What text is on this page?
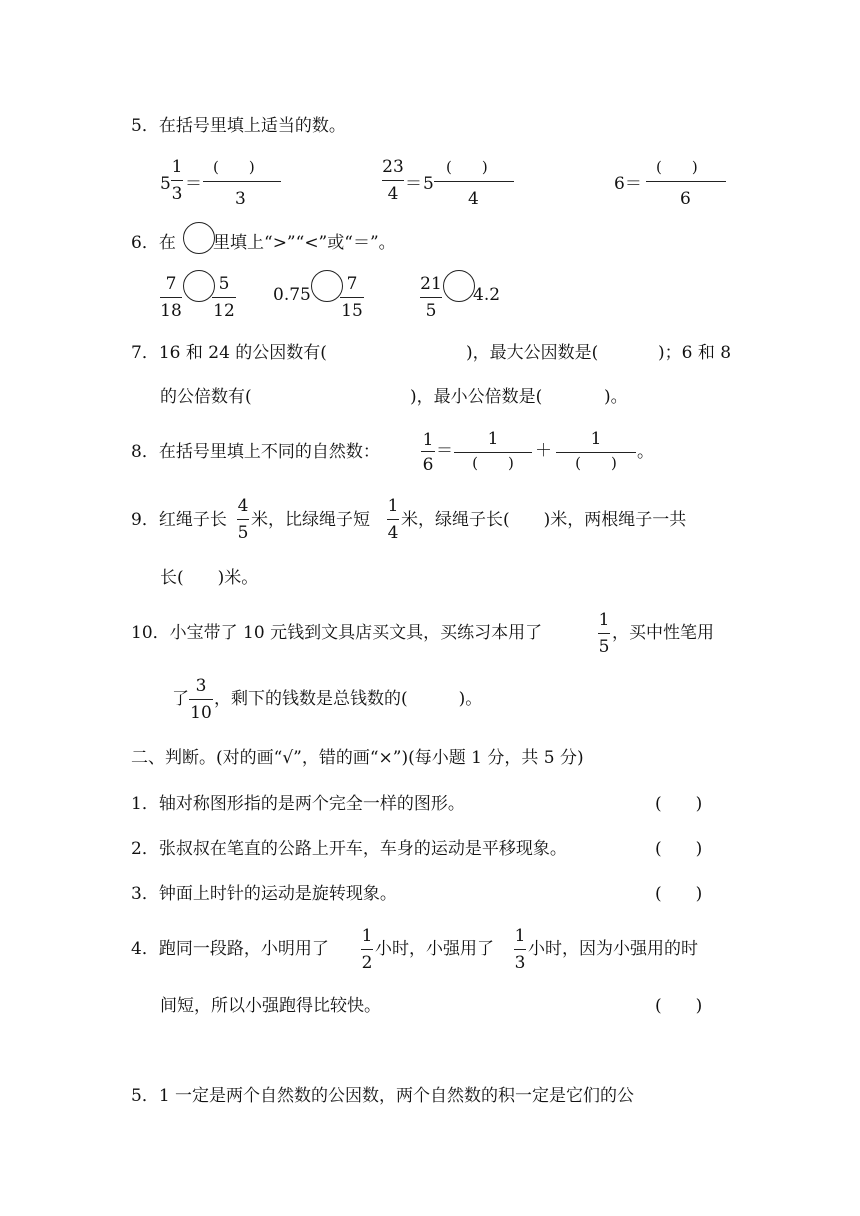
5．在括号里填上适当的数。
5
1
3 ＝
(　　)
3
23
4 ＝ 5
(　　)
4
6＝
(　　)
6
6．在 里填上“>”“<”或“＝”。
7
18
5
12
0.75
7
15
21
5
4.2
7．16 和 24 的公因数有(	)，最大公因数是(	)；6 和 8
的公倍数有(	)，最小公倍数是(	)。
8．在括号里填上不同的自然数：
1
6
＝
1
(　　)
＋
1
(　　)
。
9．红绳子长
4
5
米，比绿绳子短
1
4
米，绿绳子长(　　)米，两根绳子一共
长(　　)米。
10．小宝带了 10 元钱到文具店买文具，买练习本用了
1
5
，买中性笔用
了
3
10
，剩下的钱数是总钱数的(　　　)。
二、判断。(对的画“√”，错的画“×”)(每小题 1 分，共 5 分)
1．轴对称图形指的是两个完全一样的图形。	(　　)
2．张叔叔在笔直的公路上开车，车身的运动是平移现象。	(　　)
3．钟面上时针的运动是旋转现象。	(　　)
4．跑同一段路，小明用了
1
2
小时，小强用了
1
3
小时，因为小强用的时
间短，所以小强跑得比较快。	(　　)
5．1 一定是两个自然数的公因数，两个自然数的积一定是它们的公
